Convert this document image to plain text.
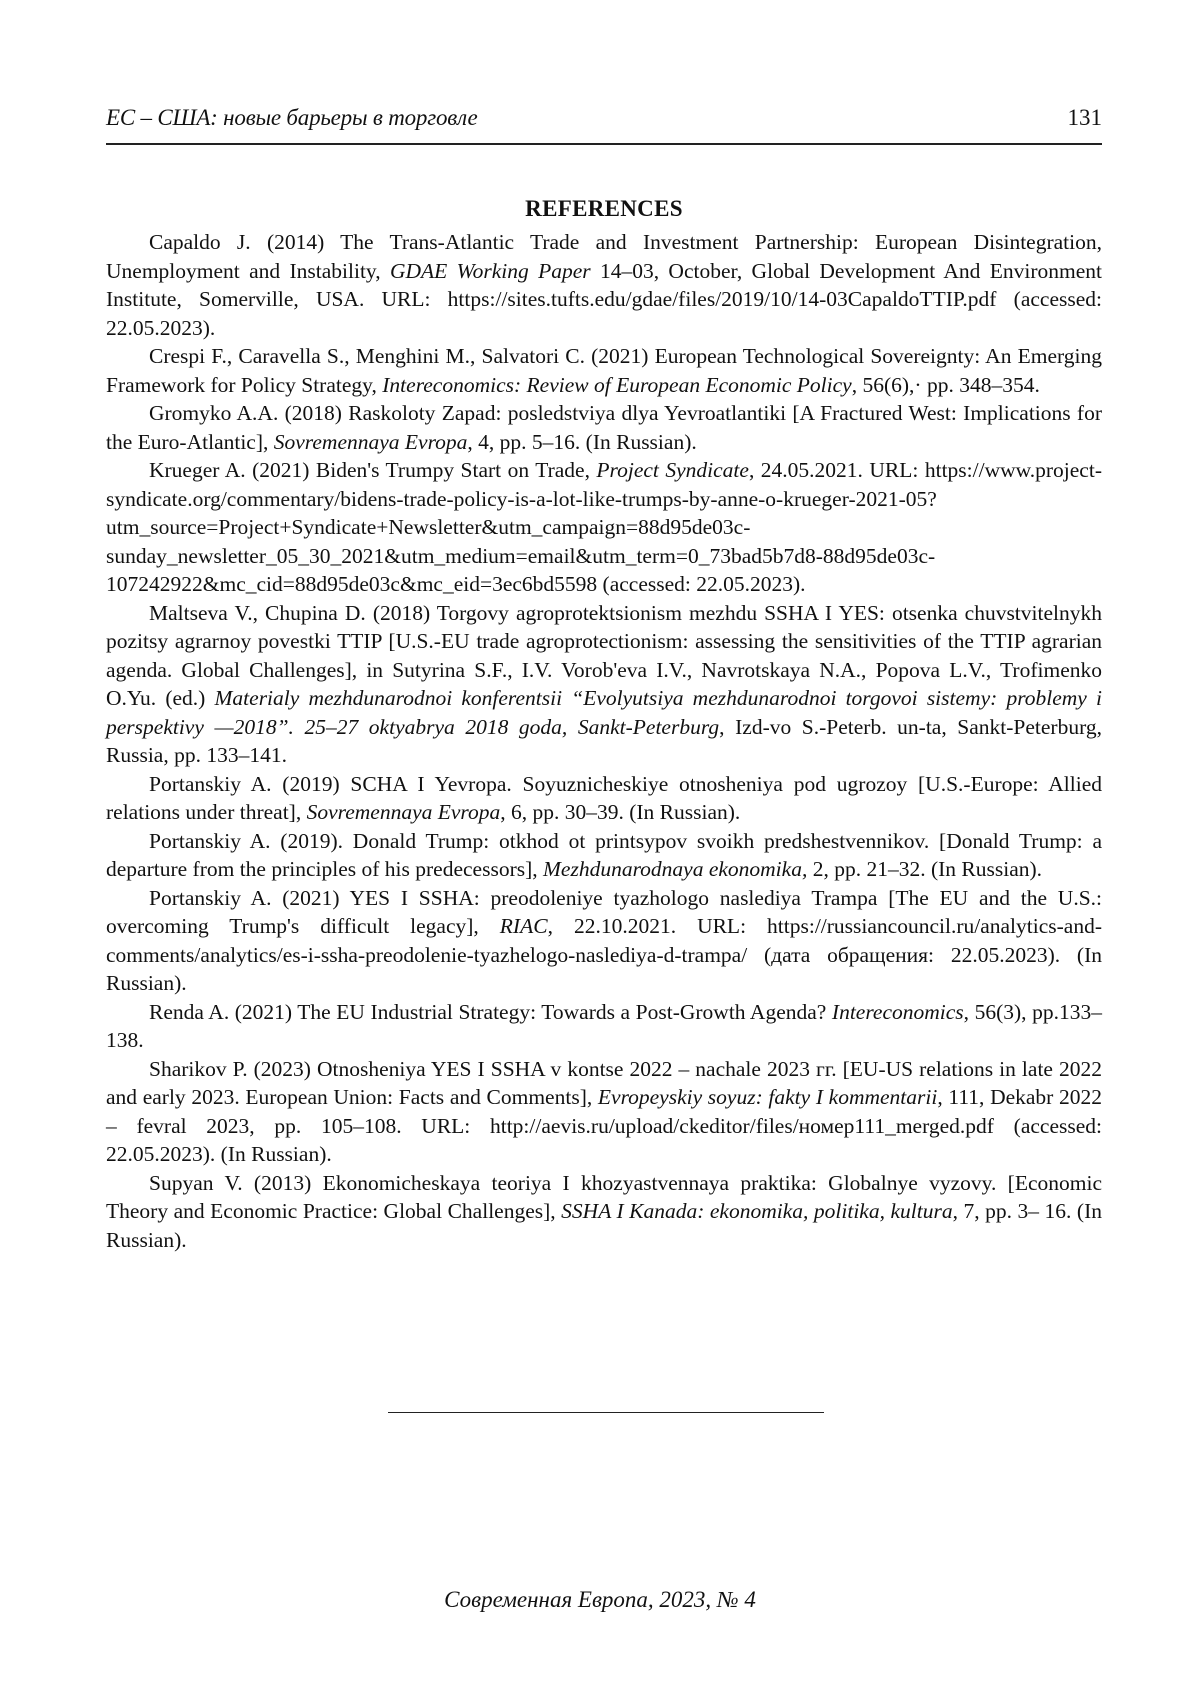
ЕС – США: новые барьеры в торговле	131
REFERENCES

Capaldo J. (2014) The Trans-Atlantic Trade and Investment Partnership: European Disintegration, Unemployment and Instability, GDAE Working Paper 14–03, October, Global Development And Environment Institute, Somerville, USA. URL: https://sites.tufts.edu/gdae/files/2019/10/14-03CapaldoTTIP.pdf (accessed: 22.05.2023).

Crespi F., Caravella S., Menghini M., Salvatori C. (2021) European Technological Sovereignty: An Emerging Framework for Policy Strategy, Intereconomics: Review of European Economic Policy, 56(6),· pp. 348–354.

Gromyko A.A. (2018) Raskoloty Zapad: posledstviya dlya Yevroatlantiki [A Fractured West: Implications for the Euro-Atlantic], Sovremennaya Evropa, 4, pp. 5–16. (In Russian).

Krueger A. (2021) Biden's Trumpy Start on Trade, Project Syndicate, 24.05.2021. URL: https://www.project-syndicate.org/commentary/bidens-trade-policy-is-a-lot-like-trumps-by-anne-o-krueger-2021-05?utm_source=Project+Syndicate+Newsletter&utm_campaign=88d95de03c-sunday_newsletter_05_30_2021&utm_medium=email&utm_term=0_73bad5b7d8-88d95de03c-107242922&mc_cid=88d95de03c&mc_eid=3ec6bd5598 (accessed: 22.05.2023).

Maltseva V., Chupina D. (2018) Torgovy agroprotektsionism mezhdu SSHA I YES: otsenka chuvstvitelnykh pozitsy agrarnoy povestki TTIP [U.S.-EU trade agroprotectionism: assessing the sensitivities of the TTIP agrarian agenda. Global Challenges], in Sutyrina S.F., I.V. Vorob'eva I.V., Navrotskaya N.A., Popova L.V., Trofimenko O.Yu. (ed.) Materialy mezhdunarodnoi konferentsii “Evolyutsiya mezhdunarodnoi torgovoi sistemy: problemy i perspektivy —2018”. 25–27 oktyabrya 2018 goda, Sankt-Peterburg, Izd-vo S.-Peterb. un-ta, Sankt-Peterburg, Russia, pp. 133–141.

Portanskiy A. (2019) SCHA I Yevropa. Soyuznicheskiye otnosheniya pod ugrozoy [U.S.-Europe: Allied relations under threat], Sovremennaya Evropa, 6, pp. 30–39. (In Russian).

Portanskiy A. (2019). Donald Trump: otkhod ot printsypov svoikh predshestvennikov. [Donald Trump: a departure from the principles of his predecessors], Mezhdunarodnaya ekonomika, 2, pp. 21–32. (In Russian).

Portanskiy A. (2021) YES I SSHA: preodoleniye tyazhologo naslediya Trampa [The EU and the U.S.: overcoming Trump's difficult legacy], RIAC, 22.10.2021. URL: https://russiancouncil.ru/analytics-and-comments/analytics/es-i-ssha-preodolenie-tyazhelogo-naslediya-d-trampa/ (дата обращения: 22.05.2023). (In Russian).

Renda A. (2021) The EU Industrial Strategy: Towards a Post-Growth Agenda? Intereconomics, 56(3), pp.133–138.

Sharikov P. (2023) Otnosheniya YES I SSHA v kontse 2022 – nachale 2023 гг. [EU-US relations in late 2022 and early 2023. European Union: Facts and Comments], Evropeyskiy soyuz: fakty I kommentarii, 111, Dekabr 2022 – fevral 2023, pp. 105–108. URL: http://aevis.ru/upload/ckeditor/files/номер111_merged.pdf (accessed: 22.05.2023). (In Russian).

Supyan V. (2013) Ekonomicheskaya teoriya I khozyastvennaya praktika: Globalnye vyzovy. [Economic Theory and Economic Practice: Global Challenges], SSHA I Kanada: ekonomika, politika, kultura, 7, pp. 3– 16. (In Russian).

Современная Европа, 2023, № 4
